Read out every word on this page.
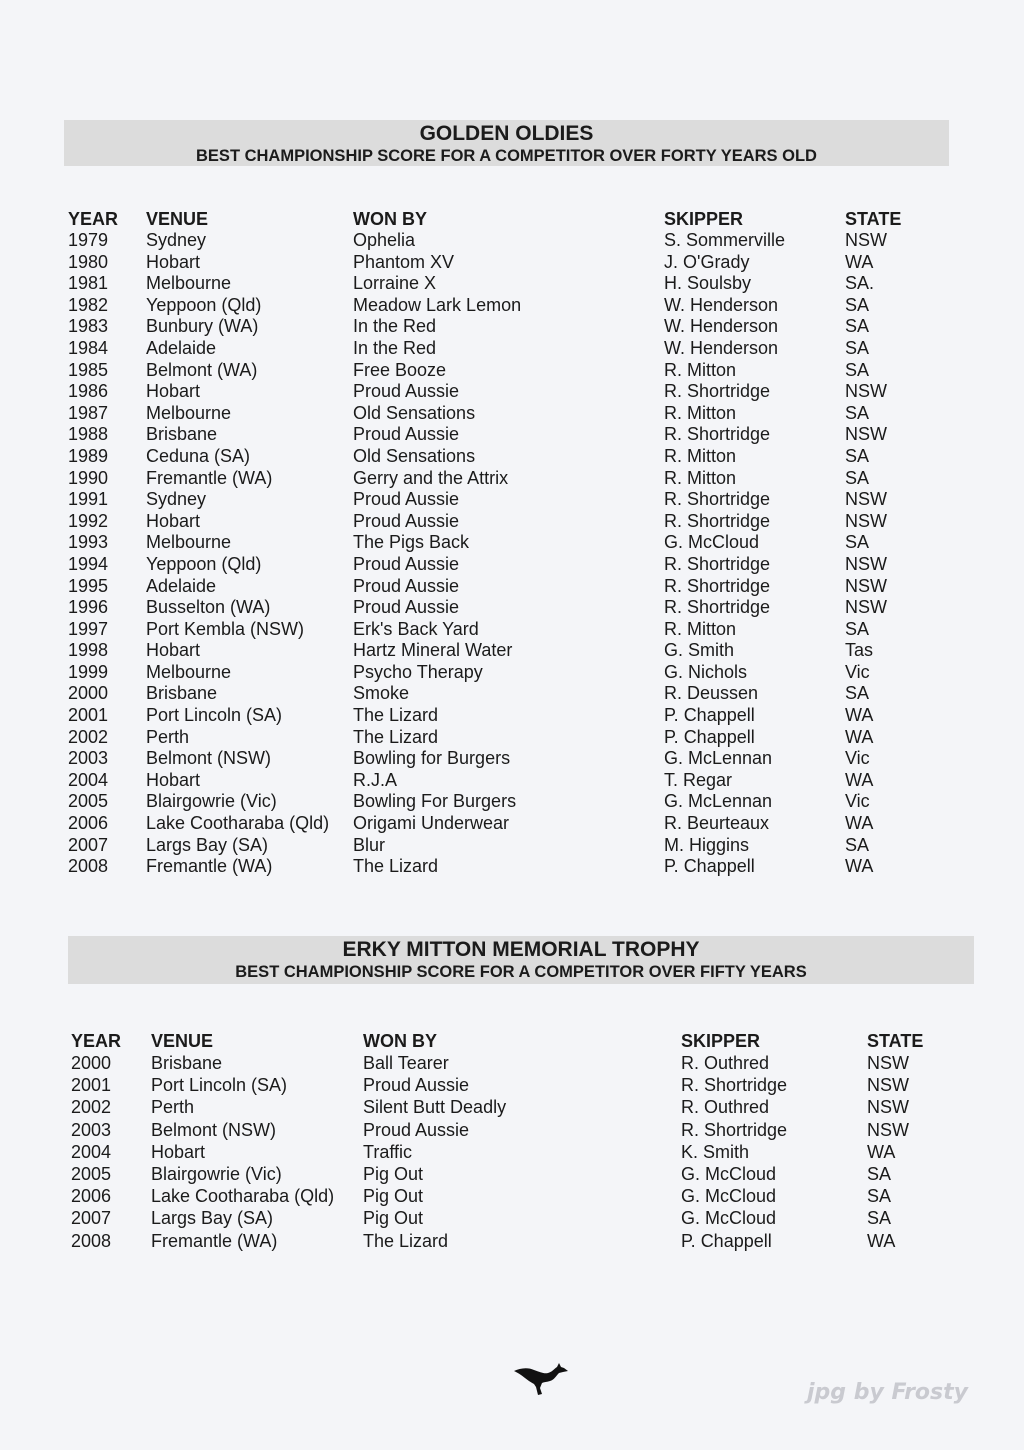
GOLDEN OLDIES
BEST CHAMPIONSHIP SCORE FOR A COMPETITOR OVER FORTY YEARS OLD
YEAR	VENUE	WON BY	SKIPPER	STATE
1979	Sydney	Ophelia	S. Sommerville	NSW
1980	Hobart	Phantom XV	J. O'Grady	WA
1981	Melbourne	Lorraine X	H. Soulsby	SA.
1982	Yeppoon (Qld)	Meadow Lark Lemon	W. Henderson	SA
1983	Bunbury (WA)	In the Red	W. Henderson	SA
1984	Adelaide	In the Red	W. Henderson	SA
1985	Belmont (WA)	Free Booze	R. Mitton	SA
1986	Hobart	Proud Aussie	R. Shortridge	NSW
1987	Melbourne	Old Sensations	R. Mitton	SA
1988	Brisbane	Proud Aussie	R. Shortridge	NSW
1989	Ceduna (SA)	Old Sensations	R. Mitton	SA
1990	Fremantle (WA)	Gerry and the Attrix	R. Mitton	SA
1991	Sydney	Proud Aussie	R. Shortridge	NSW
1992	Hobart	Proud Aussie	R. Shortridge	NSW
1993	Melbourne	The Pigs Back	G. McCloud	SA
1994	Yeppoon (Qld)	Proud Aussie	R. Shortridge	NSW
1995	Adelaide	Proud Aussie	R. Shortridge	NSW
1996	Busselton (WA)	Proud Aussie	R. Shortridge	NSW
1997	Port Kembla (NSW)	Erk's Back Yard	R. Mitton	SA
1998	Hobart	Hartz Mineral Water	G. Smith	Tas
1999	Melbourne	Psycho Therapy	G. Nichols	Vic
2000	Brisbane	Smoke	R. Deussen	SA
2001	Port Lincoln (SA)	The Lizard	P. Chappell	WA
2002	Perth	The Lizard	P. Chappell	WA
2003	Belmont (NSW)	Bowling for Burgers	G. McLennan	Vic
2004	Hobart	R.J.A	T. Regar	WA
2005	Blairgowrie (Vic)	Bowling For Burgers	G. McLennan	Vic
2006	Lake Cootharaba (Qld)	Origami Underwear	R. Beurteaux	WA
2007	Largs Bay (SA)	Blur	M. Higgins	SA
2008	Fremantle (WA)	The Lizard	P. Chappell	WA
ERKY MITTON MEMORIAL TROPHY
BEST CHAMPIONSHIP SCORE FOR A COMPETITOR OVER FIFTY YEARS
YEAR	VENUE	WON BY	SKIPPER	STATE
2000	Brisbane	Ball Tearer	R. Outhred	NSW
2001	Port Lincoln (SA)	Proud Aussie	R. Shortridge	NSW
2002	Perth	Silent Butt Deadly	R. Outhred	NSW
2003	Belmont (NSW)	Proud Aussie	R. Shortridge	NSW
2004	Hobart	Traffic	K. Smith	WA
2005	Blairgowrie (Vic)	Pig Out	G. McCloud	SA
2006	Lake Cootharaba (Qld)	Pig Out	G. McCloud	SA
2007	Largs Bay (SA)	Pig Out	G. McCloud	SA
2008	Fremantle (WA)	The Lizard	P. Chappell	WA
jpg by Frosty
